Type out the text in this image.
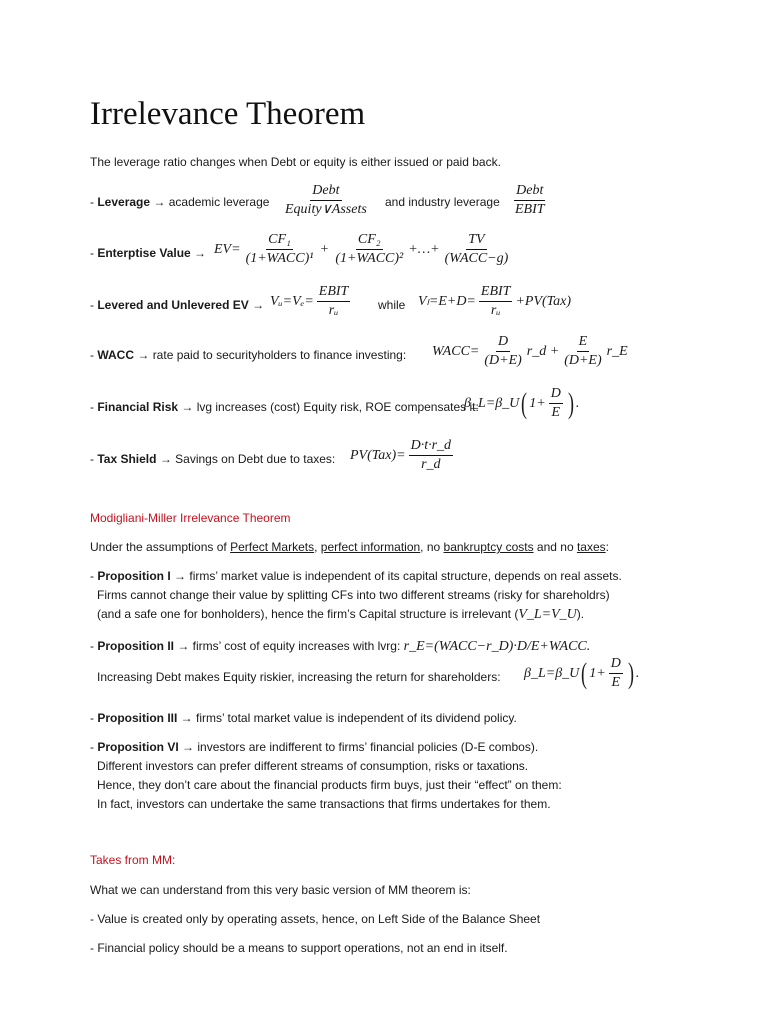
Irrelevance Theorem
The leverage ratio changes when Debt or equity is either issued or paid back.
- Leverage → academic leverage $\frac{\text{Debt}}{\text{Equity∨Assets}}$ and industry leverage $\frac{\text{Debt}}{\text{EBIT}}$
- Enterptise Value → $EV= \frac{\text{CF₁}}{\text{(1+WACC)¹}} + \frac{\text{CF₂}}{\text{(1+WACC)²}}$ +…+ $\frac{TV}{\text{(WACC−g)}}$
- Levered and Unlevered EV → Vᵤ=Vₑ= $\frac{\text{EBIT}}{\text{rᵤ}}$ while $V_l=E+D= \frac{\text{EBIT}}{\text{rᵤ}} +PV(Tax)$
- WACC → rate paid to securityholders to finance investing: WACC= $\frac{D}{(D+E)}$ r_d + $\frac{E}{(D+E)}$ r_E
- Financial Risk → lvg increases (cost) Equity risk, ROE compensates it:
β_L=β_U ( $1+ \frac{D}{E}$ ) .
- Tax Shield → Savings on Debt due to taxes: $PV(Tax)= \frac{D\cdot t\cdot r\_d}{r\_d}$
Modigliani-Miller Irrelevance Theorem
Under the assumptions of Perfect Markets, perfect information, no bankruptcy costs and no taxes:
- Proposition I → firms’ market value is independent of its capital structure, depends on real assets.
Firms cannot change their value by splitting CFs into two different streams (risky for shareholdrs)
(and a safe one for bonholders), hence the firm’s Capital structure is irrelevant (V_L=V_U).
- Proposition II → firms’ cost of equity increases with lvrg: r_E=(WACC−r_D)·D/E+WACC.
Increasing Debt makes Equity riskier, increasing the return for shareholders: β_L=β_U ( $1+ \frac{D}{E}$ ) .
- Proposition III → firms’ total market value is independent of its dividend policy.
- Proposition VI → investors are indifferent to firms’ financial policies (D-E combos).
Different investors can prefer different streams of consumption, risks or taxations.
Hence, they don’t care about the financial products firm buys, just their “effect” on them:
In fact, investors can undertake the same transactions that firms undertakes for them.
Takes from MM:
What we can understand from this very basic version of MM theorem is:
- Value is created only by operating assets, hence, on Left Side of the Balance Sheet
- Financial policy should be a means to support operations, not an end in itself.
